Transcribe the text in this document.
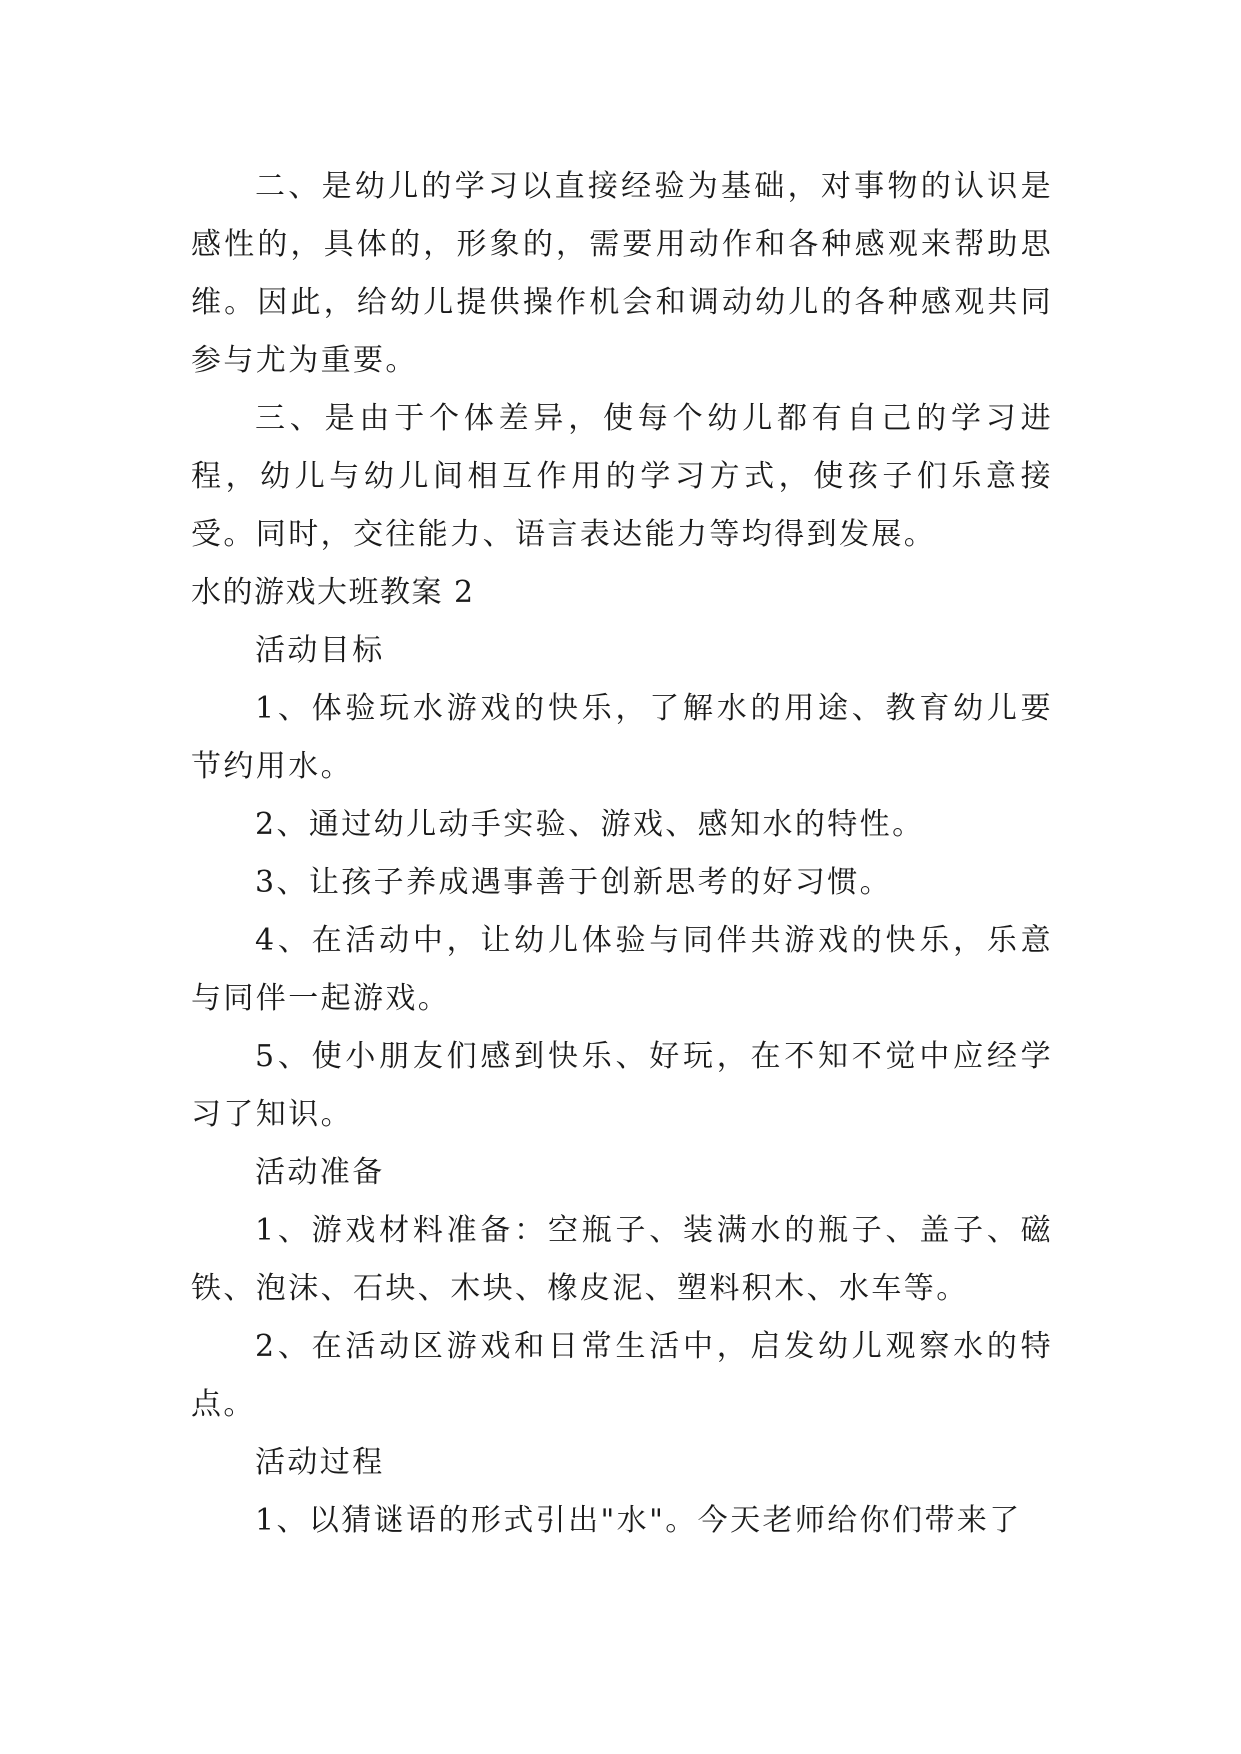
二、是幼儿的学习以直接经验为基础，对事物的认识是感性的，具体的，形象的，需要用动作和各种感观来帮助思维。因此，给幼儿提供操作机会和调动幼儿的各种感观共同参与尤为重要。

三、是由于个体差异，使每个幼儿都有自己的学习进程，幼儿与幼儿间相互作用的学习方式，使孩子们乐意接受。同时，交往能力、语言表达能力等均得到发展。

水的游戏大班教案 2

活动目标

1、体验玩水游戏的快乐，了解水的用途、教育幼儿要节约用水。

2、通过幼儿动手实验、游戏、感知水的特性。

3、让孩子养成遇事善于创新思考的好习惯。

4、在活动中，让幼儿体验与同伴共游戏的快乐，乐意与同伴一起游戏。

5、使小朋友们感到快乐、好玩，在不知不觉中应经学习了知识。

活动准备

1、游戏材料准备：空瓶子、装满水的瓶子、盖子、磁铁、泡沫、石块、木块、橡皮泥、塑料积木、水车等。

2、在活动区游戏和日常生活中，启发幼儿观察水的特点。

活动过程

1、以猜谜语的形式引出"水"。今天老师给你们带来了
